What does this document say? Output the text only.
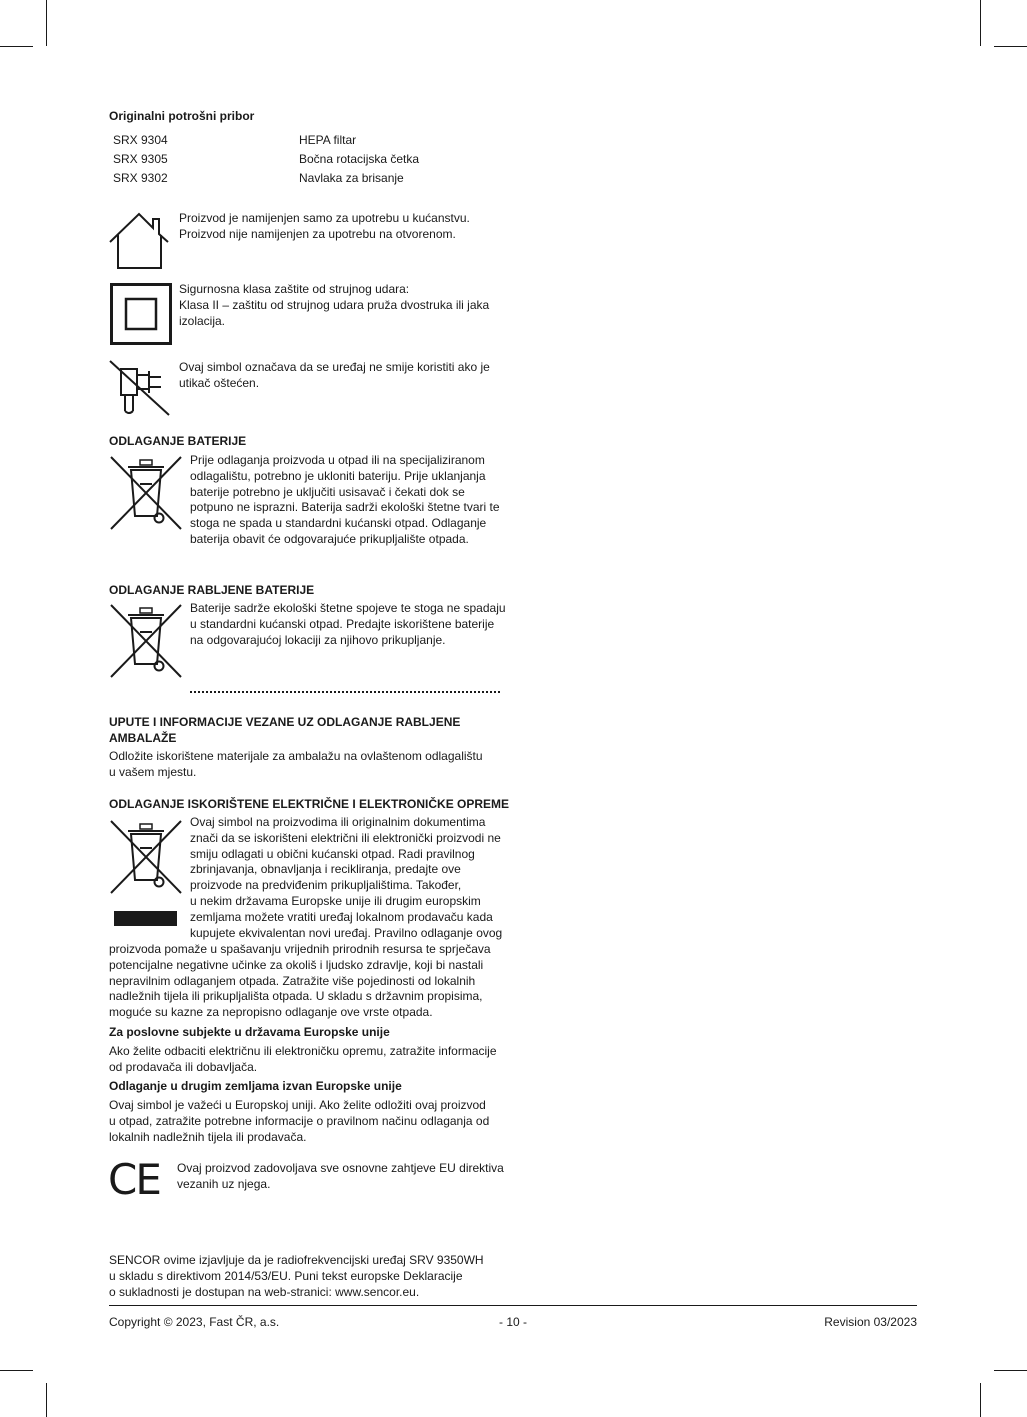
Originalni potrošni pribor
SRX 9304	HEPA filtar
SRX 9305	Bočna rotacijska četka
SRX 9302	Navlaka za brisanje
Proizvod je namijenjen samo za upotrebu u kućanstvu.
Proizvod nije namijenjen za upotrebu na otvorenom.
Sigurnosna klasa zaštite od strujnog udara:
Klasa II – zaštitu od strujnog udara pruža dvostruka ili jaka
izolacija.
Ovaj simbol označava da se uređaj ne smije koristiti ako je
utikač oštećen.
ODLAGANJE BATERIJE
Prije odlaganja proizvoda u otpad ili na specijaliziranom
odlagalištu, potrebno je ukloniti bateriju. Prije uklanjanja
baterije potrebno je uključiti usisavač i čekati dok se
potpuno ne isprazni. Baterija sadrži ekološki štetne tvari te
stoga ne spada u standardni kućanski otpad. Odlaganje
baterija obavit će odgovarajuće prikupljalište otpada.
ODLAGANJE RABLJENE BATERIJE
Baterije sadrže ekološki štetne spojeve te stoga ne spadaju
u standardni kućanski otpad. Predajte iskorištene baterije
na odgovarajućoj lokaciji za njihovo prikupljanje.
UPUTE I INFORMACIJE VEZANE UZ ODLAGANJE RABLJENE
AMBALAŽE
Odložite iskorištene materijale za ambalažu na ovlaštenom odlagalištu
u vašem mjestu.
ODLAGANJE ISKORIŠTENE ELEKTRIČNE I ELEKTRONIČKE OPREME
Ovaj simbol na proizvodima ili originalnim dokumentima
znači da se iskorišteni električni ili elektronički proizvodi ne
smiju odlagati u obični kućanski otpad. Radi pravilnog
zbrinjavanja, obnavljanja i recikliranja, predajte ove
proizvode na predviđenim prikupljalištima. Također,
u nekim državama Europske unije ili drugim europskim
zemljama možete vratiti uređaj lokalnom prodavaču kada
kupujete ekvivalentan novi uređaj. Pravilno odlaganje ovog
proizvoda pomaže u spašavanju vrijednih prirodnih resursa te sprječava
potencijalne negativne učinke za okoliš i ljudsko zdravlje, koji bi nastali
nepravilnim odlaganjem otpada. Zatražite više pojedinosti od lokalnih
nadležnih tijela ili prikupljališta otpada. U skladu s državnim propisima,
moguće su kazne za nepropisno odlaganje ove vrste otpada.
Za poslovne subjekte u državama Europske unije
Ako želite odbaciti električnu ili elektroničku opremu, zatražite informacije
od prodavača ili dobavljača.
Odlaganje u drugim zemljama izvan Europske unije
Ovaj simbol je važeći u Europskoj uniji. Ako želite odložiti ovaj proizvod
u otpad, zatražite potrebne informacije o pravilnom načinu odlaganja od
lokalnih nadležnih tijela ili prodavača.
CE Ovaj proizvod zadovoljava sve osnovne zahtjeve EU direktiva
vezanih uz njega.
SENCOR ovime izjavljuje da je radiofrekvencijski uređaj SRV 9350WH
u skladu s direktivom 2014/53/EU. Puni tekst europske Deklaracije
o sukladnosti je dostupan na web-stranici: www.sencor.eu.
Copyright © 2023, Fast ČR, a.s.	- 10 -	Revision 03/2023
